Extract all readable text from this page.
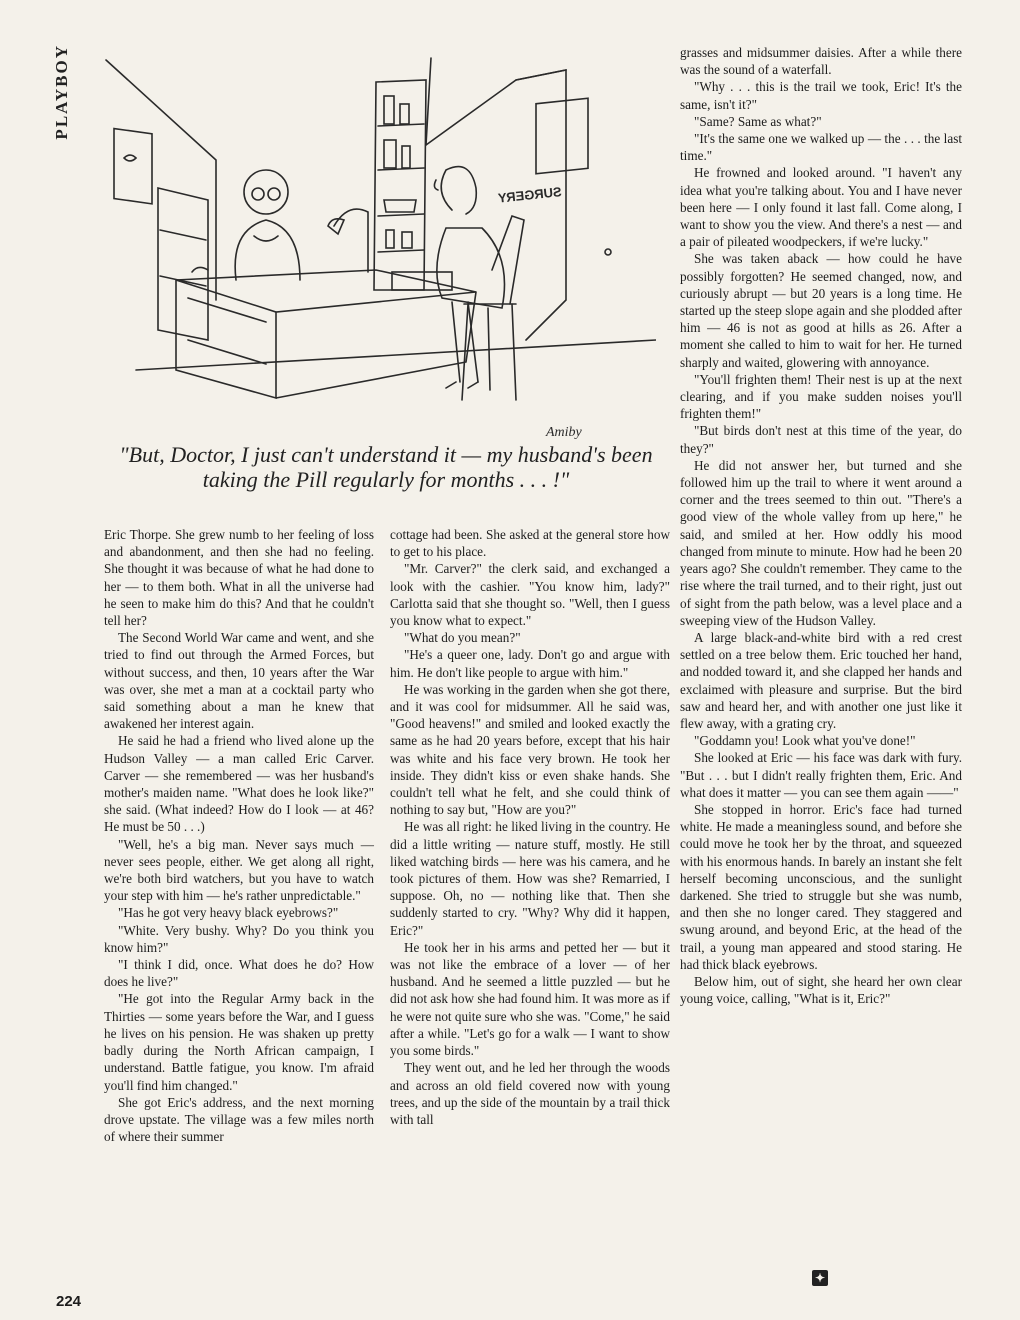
PLAYBOY
SURGERY
Amiby
"But, Doctor, I just can't understand it — my husband's been taking the Pill regularly for months . . . !"

Eric Thorpe. She grew numb to her feeling of loss and abandonment, and then she had no feeling. She thought it was because of what he had done to her — to them both. What in all the universe had he seen to make him do this? And that he couldn't tell her?

The Second World War came and went, and she tried to find out through the Armed Forces, but without success, and then, 10 years after the War was over, she met a man at a cocktail party who said something about a man he knew that awakened her interest again.

He said he had a friend who lived alone up the Hudson Valley — a man called Eric Carver. Carver — she remembered — was her husband's mother's maiden name. "What does he look like?" she said. (What indeed? How do I look — at 46? He must be 50 . . .)

"Well, he's a big man. Never says much — never sees people, either. We get along all right, we're both bird watchers, but you have to watch your step with him — he's rather unpredictable."

"Has he got very heavy black eyebrows?"

"White. Very bushy. Why? Do you think you know him?"

"I think I did, once. What does he do? How does he live?"

"He got into the Regular Army back in the Thirties — some years before the War, and I guess he lives on his pension. He was shaken up pretty badly during the North African campaign, I understand. Battle fatigue, you know. I'm afraid you'll find him changed."

She got Eric's address, and the next morning drove upstate. The village was a few miles north of where their summer

cottage had been. She asked at the general store how to get to his place.

"Mr. Carver?" the clerk said, and exchanged a look with the cashier. "You know him, lady?" Carlotta said that she thought so. "Well, then I guess you know what to expect."

"What do you mean?"

"He's a queer one, lady. Don't go and argue with him. He don't like people to argue with him."

He was working in the garden when she got there, and it was cool for midsummer. All he said was, "Good heavens!" and smiled and looked exactly the same as he had 20 years before, except that his hair was white and his face very brown. He took her inside. They didn't kiss or even shake hands. She couldn't tell what he felt, and she could think of nothing to say but, "How are you?"

He was all right: he liked living in the country. He did a little writing — nature stuff, mostly. He still liked watching birds — here was his camera, and he took pictures of them. How was she? Remarried, I suppose. Oh, no — nothing like that. Then she suddenly started to cry. "Why? Why did it happen, Eric?"

He took her in his arms and petted her — but it was not like the embrace of a lover — of her husband. And he seemed a little puzzled — but he did not ask how she had found him. It was more as if he were not quite sure who she was. "Come," he said after a while. "Let's go for a walk — I want to show you some birds."

They went out, and he led her through the woods and across an old field covered now with young trees, and up the side of the mountain by a trail thick with tall

grasses and midsummer daisies. After a while there was the sound of a waterfall.

"Why . . . this is the trail we took, Eric! It's the same, isn't it?"

"Same? Same as what?"

"It's the same one we walked up — the . . . the last time."

He frowned and looked around. "I haven't any idea what you're talking about. You and I have never been here — I only found it last fall. Come along, I want to show you the view. And there's a nest — and a pair of pileated woodpeckers, if we're lucky."

She was taken aback — how could he have possibly forgotten? He seemed changed, now, and curiously abrupt — but 20 years is a long time. He started up the steep slope again and she plodded after him — 46 is not as good at hills as 26. After a moment she called to him to wait for her. He turned sharply and waited, glowering with annoyance.

"You'll frighten them! Their nest is up at the next clearing, and if you make sudden noises you'll frighten them!"

"But birds don't nest at this time of the year, do they?"

He did not answer her, but turned and she followed him up the trail to where it went around a corner and the trees seemed to thin out. "There's a good view of the whole valley from up here," he said, and smiled at her. How oddly his mood changed from minute to minute. How had he been 20 years ago? She couldn't remember. They came to the rise where the trail turned, and to their right, just out of sight from the path below, was a level place and a sweeping view of the Hudson Valley.

A large black-and-white bird with a red crest settled on a tree below them. Eric touched her hand, and nodded toward it, and she clapped her hands and exclaimed with pleasure and surprise. But the bird saw and heard her, and with another one just like it flew away, with a grating cry.

"Goddamn you! Look what you've done!"

She looked at Eric — his face was dark with fury. "But . . . but I didn't really frighten them, Eric. And what does it matter — you can see them again ——"

She stopped in horror. Eric's face had turned white. He made a meaningless sound, and before she could move he took her by the throat, and squeezed with his enormous hands. In barely an instant she felt herself becoming unconscious, and the sunlight darkened. She tried to struggle but she was numb, and then she no longer cared. They staggered and swung around, and beyond Eric, at the head of the trail, a young man appeared and stood staring. He had thick black eyebrows.

Below him, out of sight, she heard her own clear young voice, calling, "What is it, Eric?"

224
✦
